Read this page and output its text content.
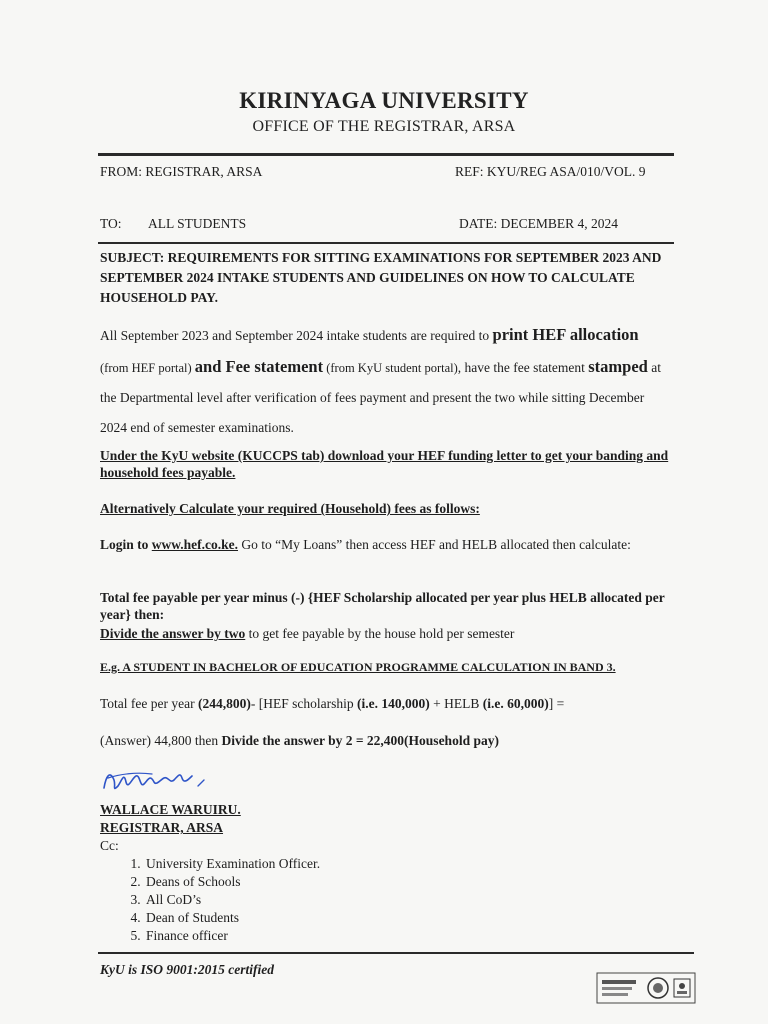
KIRINYAGA UNIVERSITY
OFFICE OF THE REGISTRAR, ARSA
FROM: REGISTRAR, ARSA	REF: KYU/REG ASA/010/VOL. 9
TO: ALL STUDENTS	DATE: DECEMBER 4, 2024
SUBJECT: REQUIREMENTS FOR SITTING EXAMINATIONS FOR SEPTEMBER 2023 AND SEPTEMBER 2024 INTAKE STUDENTS AND GUIDELINES ON HOW TO CALCULATE HOUSEHOLD PAY.
All September 2023 and September 2024 intake students are required to print HEF allocation (from HEF portal) and Fee statement (from KyU student portal), have the fee statement stamped at the Departmental level after verification of fees payment and present the two while sitting December 2024 end of semester examinations.
Under the KyU website (KUCCPS tab) download your HEF funding letter to get your banding and household fees payable.
Alternatively Calculate your required (Household) fees as follows:
Login to www.hef.co.ke. Go to “My Loans” then access HEF and HELB allocated then calculate:
Total fee payable per year minus (-) {HEF Scholarship allocated per year plus HELB allocated per year} then:
Divide the answer by two to get fee payable by the house hold per semester
E.g. A STUDENT IN BACHELOR OF EDUCATION PROGRAMME CALCULATION IN BAND 3.
Total fee per year (244,800)- [HEF scholarship (i.e. 140,000) + HELB (i.e. 60,000)] =
(Answer) 44,800 then Divide the answer by 2 = 22,400(Household pay)
WALLACE WARUIRU.
REGISTRAR, ARSA
Cc:
1. University Examination Officer.
2. Deans of Schools
3. All CoD’s
4. Dean of Students
5. Finance officer
KyU is ISO 9001:2015 certified
